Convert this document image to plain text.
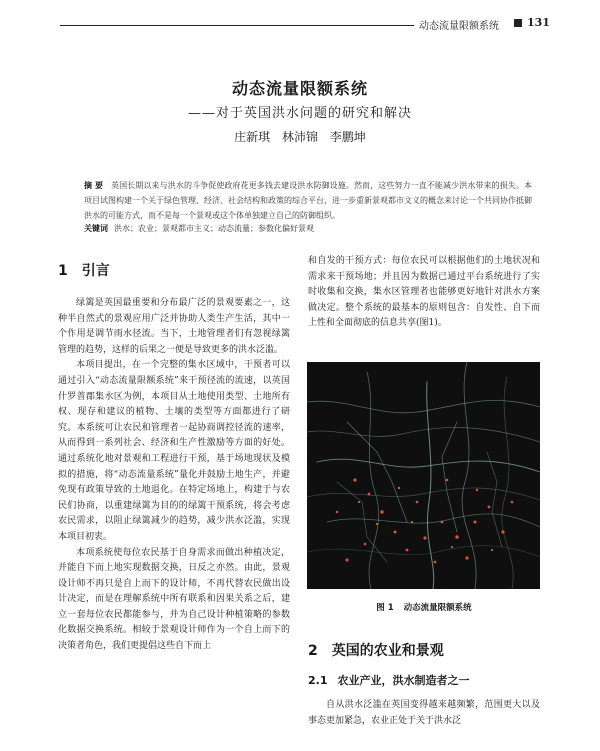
动态流量限额系统	131
动态流量限额系统
——对于英国洪水问题的研究和解决
庄新琪 林沛锦 李鹏坤
摘 要 英国长期以来与洪水的斗争促使政府花更多钱去建设洪水防御设施。然而，这些努力一直不能减少洪水带来的损失。本项目试图构建一个关于绿色管理、经济、社会结构和政策的综合平台，进一步重新景观都市文义的概念来讨论一个共同协作抵御洪水的可能方式，而不是每一个景观或这个体单独建立自己的防御组织。
关键词 洪水；农业；景观都市主义；动态流量；参数化偏好景观
1 引言

绿篱是英国最重要和分布最广泛的景观要素之一，这种半自然式的景观应用广泛并协助人类生产生活，其中一个作用是调节雨水径流。当下，土地管理者们有忽视绿篱管理的趋势，这样的后果之一便是导致更多的洪水泛滥。

本项目提出，在一个完整的集水区域中，干预者可以通过引入“动态流量限额系统”来干预径流的流速，以英国什罗普郡集水区为例，本项目从土地使用类型、土地所有权、现存和建议的植物、土壤的类型等方面都进行了研究。本系统可让农民和管理者一起协商调控径流的速率，从而得到一系列社会、经济和生产性激励等方面的好处。通过系统化地对景观和工程进行干预，基于场地现状及模拟的措施，将“动态流量系统”量化并鼓励土地生产，并避免现有政策导致的土地退化。在特定场地上，构建于与农民们协商，以重建绿篱为目的的绿篱干预系统，将会考虑农民需求，以阻止绿篱减少的趋势，减少洪水泛滥，实现本项目初衷。

本项系统使每位农民基于自身需求而做出种植决定，并能自下而上地实现数据交换，日反之亦然。由此，景观设计师不再只是自上而下的设计师，不再代替农民做出设计决定，而是在理解系统中所有联系和因果关系之后，建立一套每位农民都能参与，并为自己设计种植策略的参数化数据交换系统。相较于景观设计师作为一个自上而下的决策者角色，我们更提倡这些自下而上

和自发的干预方式：每位农民可以根据他们的土地状况和需求来干预场地；并且因为数据已通过平台系统进行了实时收集和交换，集水区管理者也能够更好地针对洪水方案做决定。整个系统的最基本的原则包含：自发性、自下而上性和全面彻底的信息共享(图1)。

图 1 动态流量限额系统
2 英国的农业和景观
2.1 农业产业，洪水制造者之一

自从洪水泛滥在英国变得越来越频繁，范围更大以及事态更加紧急，农业正处于关于洪水泛
